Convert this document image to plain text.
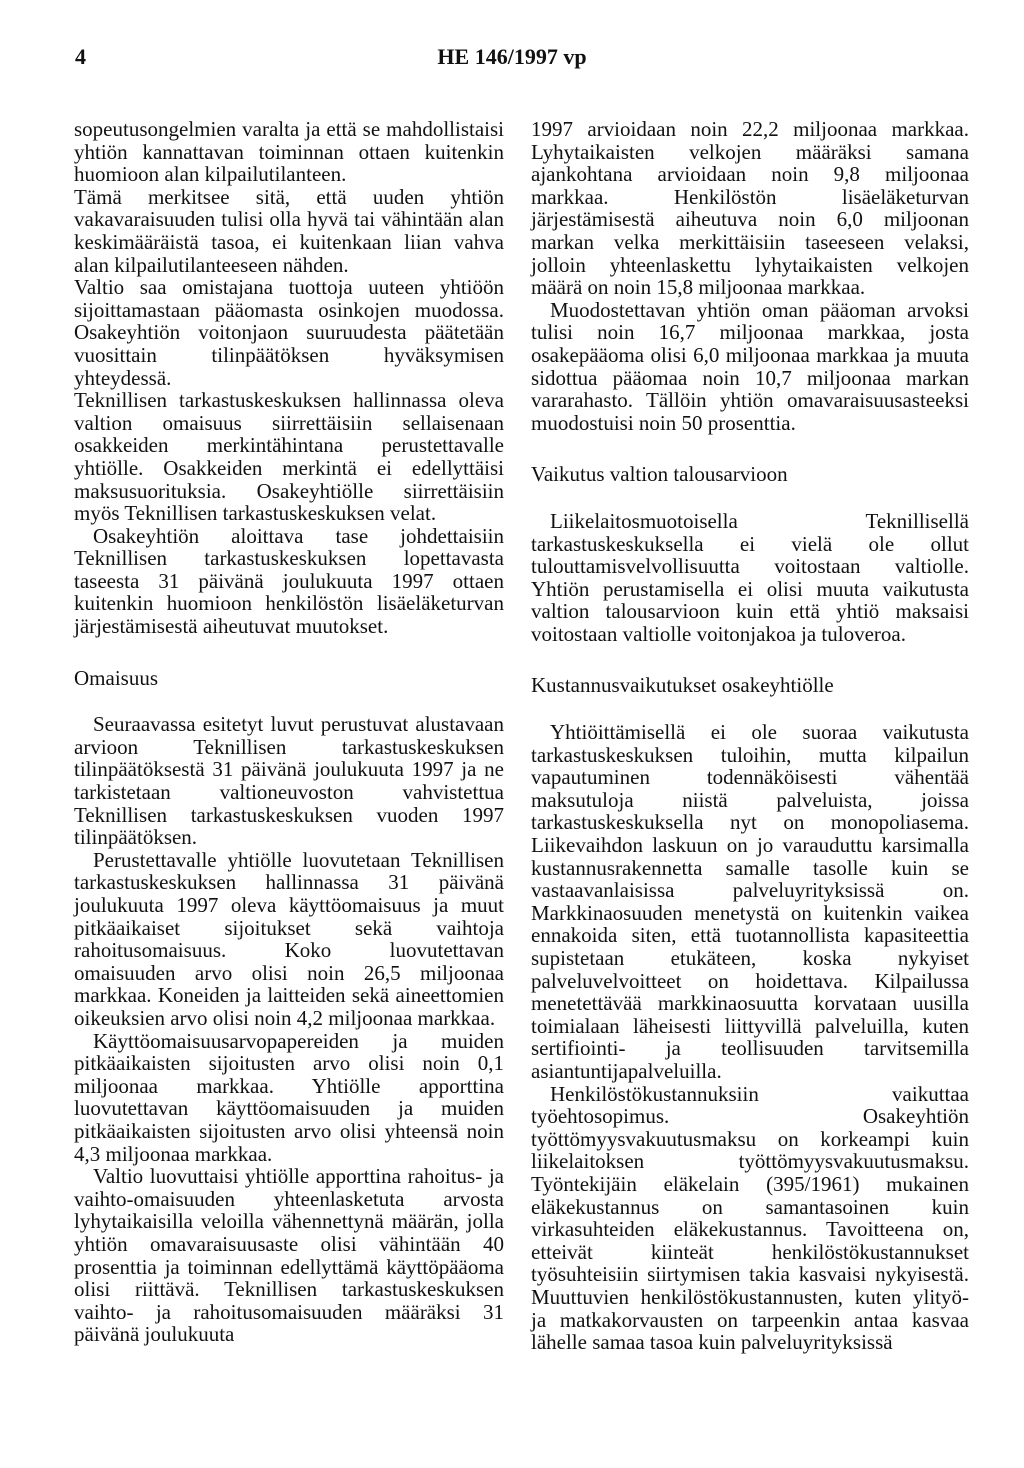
4	HE 146/1997 vp

sopeutusongelmien varalta ja että se mahdollistaisi yhtiön kannattavan toiminnan ottaen kuitenkin huomioon alan kilpailutilanteen.

Tämä merkitsee sitä, että uuden yhtiön vakavaraisuuden tulisi olla hyvä tai vähintään alan keskimääräistä tasoa, ei kuitenkaan liian vahva alan kilpailutilanteeseen nähden.

Valtio saa omistajana tuottoja uuteen yhtiöön sijoittamastaan pääomasta osinkojen muodossa. Osakeyhtiön voitonjaon suuruudesta päätetään vuosittain tilinpäätöksen hyväksymisen yhteydessä.

Teknillisen tarkastuskeskuksen hallinnassa oleva valtion omaisuus siirrettäisiin sellaisenaan osakkeiden merkintähintana perustettavalle yhtiölle. Osakkeiden merkintä ei edellyttäisi maksusuorituksia. Osakeyhtiölle siirrettäisiin myös Teknillisen tarkastuskeskuksen velat.

Osakeyhtiön aloittava tase johdettaisiin Teknillisen tarkastuskeskuksen lopettavasta taseesta 31 päivänä joulukuuta 1997 ottaen kuitenkin huomioon henkilöstön lisäeläketurvan järjestämisestä aiheutuvat muutokset.

Omaisuus

Seuraavassa esitetyt luvut perustuvat alustavaan arvioon Teknillisen tarkastuskeskuksen tilinpäätöksestä 31 päivänä joulukuuta 1997 ja ne tarkistetaan valtioneuvoston vahvistettua Teknillisen tarkastuskeskuksen vuoden 1997 tilinpäätöksen.

Perustettavalle yhtiölle luovutetaan Teknillisen tarkastuskeskuksen hallinnassa 31 päivänä joulukuuta 1997 oleva käyttöomaisuus ja muut pitkäaikaiset sijoitukset sekä vaihtoja rahoitusomaisuus. Koko luovutettavan omaisuuden arvo olisi noin 26,5 miljoonaa markkaa. Koneiden ja laitteiden sekä aineettomien oikeuksien arvo olisi noin 4,2 miljoonaa markkaa.

Käyttöomaisuusarvopapereiden ja muiden pitkäaikaisten sijoitusten arvo olisi noin 0,1 miljoonaa markkaa. Yhtiölle apporttina luovutettavan käyttöomaisuuden ja muiden pitkäaikaisten sijoitusten arvo olisi yhteensä noin 4,3 miljoonaa markkaa.

Valtio luovuttaisi yhtiölle apporttina rahoitus- ja vaihto-omaisuuden yhteenlasketuta arvosta lyhytaikaisilla veloilla vähennettynä määrän, jolla yhtiön omavaraisuusaste olisi vähintään 40 prosenttia ja toiminnan edellyttämä käyttöpääoma olisi riittävä. Teknillisen tarkastuskeskuksen vaihto- ja rahoitusomaisuuden määräksi 31 päivänä joulukuuta

1997 arvioidaan noin 22,2 miljoonaa markkaa. Lyhytaikaisten velkojen määräksi samana ajankohtana arvioidaan noin 9,8 miljoonaa markkaa. Henkilöstön lisäeläketurvan järjestämisestä aiheutuva noin 6,0 miljoonan markan velka merkittäisiin taseeseen velaksi, jolloin yhteenlaskettu lyhytaikaisten velkojen määrä on noin 15,8 miljoonaa markkaa.

Muodostettavan yhtiön oman pääoman arvoksi tulisi noin 16,7 miljoonaa markkaa, josta osakepääoma olisi 6,0 miljoonaa markkaa ja muuta sidottua pääomaa noin 10,7 miljoonaa markan vararahasto. Tällöin yhtiön omavaraisuusasteeksi muodostuisi noin 50 prosenttia.

Vaikutus valtion talousarvioon

Liikelaitosmuotoisella Teknillisellä tarkastuskeskuksella ei vielä ole ollut tulouttamisvelvollisuutta voitostaan valtiolle. Yhtiön perustamisella ei olisi muuta vaikutusta valtion talousarvioon kuin että yhtiö maksaisi voitostaan valtiolle voitonjakoa ja tuloveroa.

Kustannusvaikutukset osakeyhtiölle

Yhtiöittämisellä ei ole suoraa vaikutusta tarkastuskeskuksen tuloihin, mutta kilpailun vapautuminen todennäköisesti vähentää maksutuloja niistä palveluista, joissa tarkastuskeskuksella nyt on monopoliasema. Liikevaihdon laskuun on jo varauduttu karsimalla kustannusrakennetta samalle tasolle kuin se vastaavanlaisissa palveluyrityksissä on. Markkinaosuuden menetystä on kuitenkin vaikea ennakoida siten, että tuotannollista kapasiteettia supistetaan etukäteen, koska nykyiset palveluvelvoitteet on hoidettava. Kilpailussa menetettävää markkinaosuutta korvataan uusilla toimialaan läheisesti liittyvillä palveluilla, kuten sertifiointi- ja teollisuuden tarvitsemilla asiantuntijapalveluilla.

Henkilöstökustannuksiin vaikuttaa työehtosopimus. Osakeyhtiön työttömyysvakuutusmaksu on korkeampi kuin liikelaitoksen työttömyysvakuutusmaksu. Työntekijäin eläkelain (395/1961) mukainen eläkekustannus on samantasoinen kuin virkasuhteiden eläkekustannus. Tavoitteena on, etteivät kiinteät henkilöstökustannukset työsuhteisiin siirtymisen takia kasvaisi nykyisestä. Muuttuvien henkilöstökustannusten, kuten ylityö- ja matkakorvausten on tarpeenkin antaa kasvaa lähelle samaa tasoa kuin palveluyrityksissä
